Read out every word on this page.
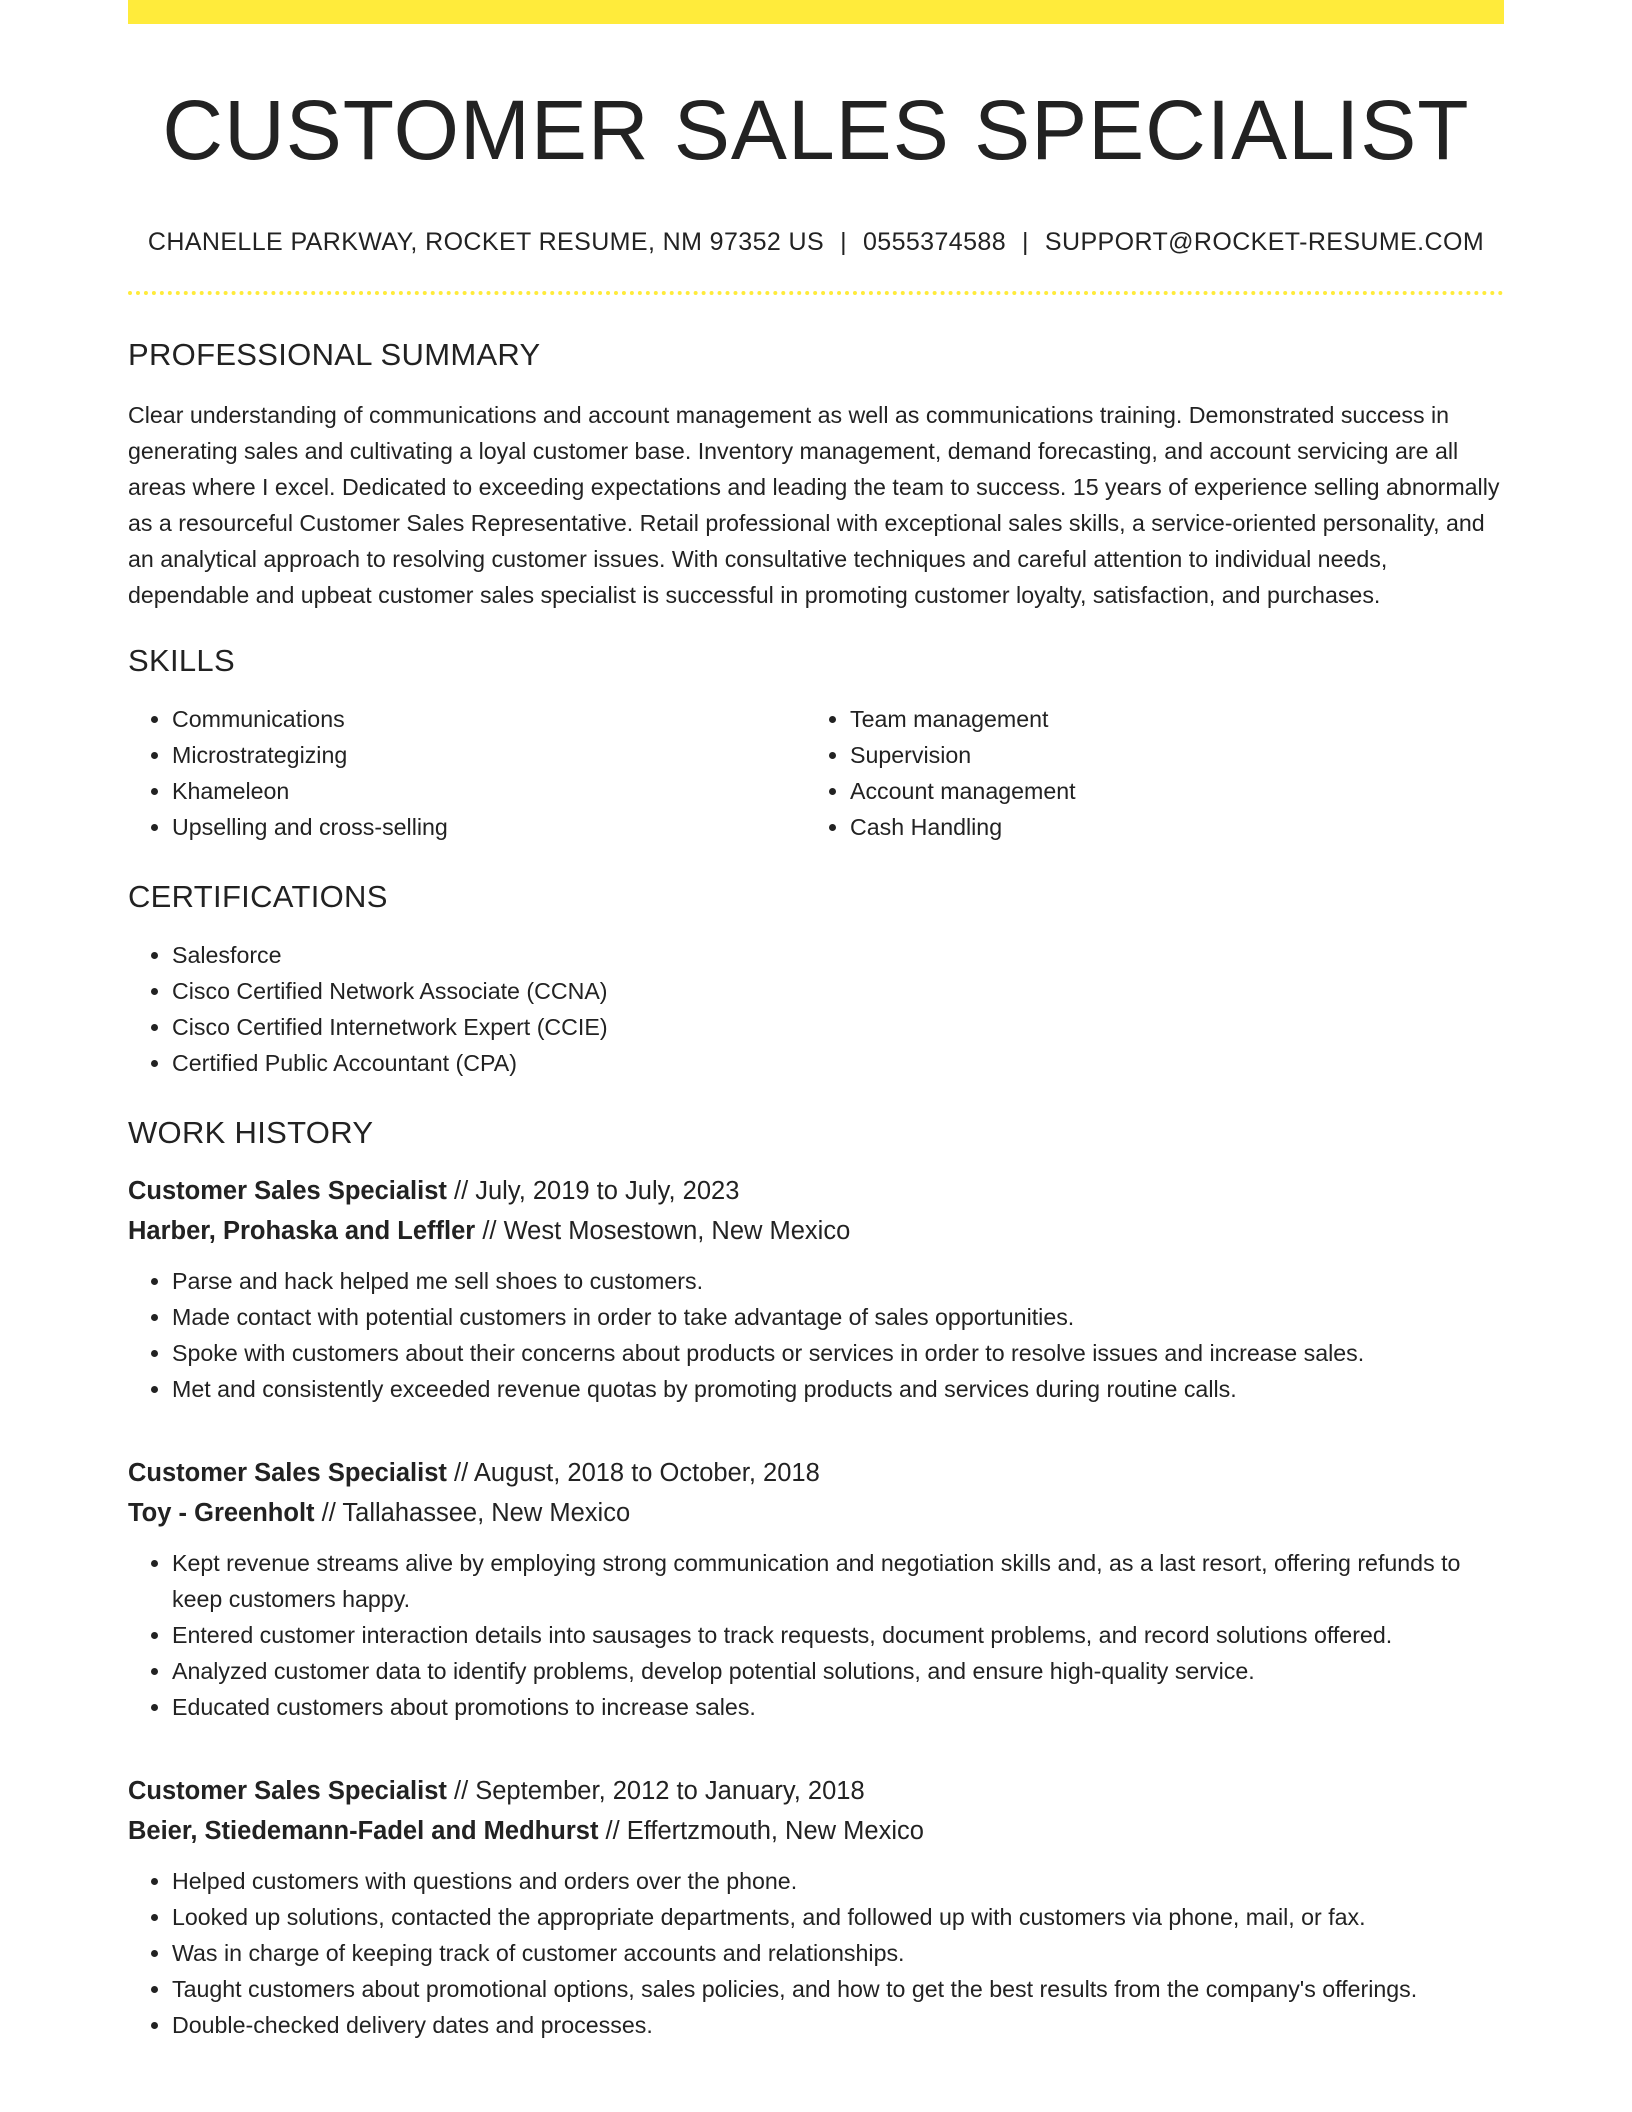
CUSTOMER SALES SPECIALIST
CHANELLE PARKWAY, ROCKET RESUME, NM 97352 US | 0555374588 | SUPPORT@ROCKET-RESUME.COM
PROFESSIONAL SUMMARY

Clear understanding of communications and account management as well as communications training. Demonstrated success in generating sales and cultivating a loyal customer base. Inventory management, demand forecasting, and account servicing are all areas where I excel. Dedicated to exceeding expectations and leading the team to success. 15 years of experience selling abnormally as a resourceful Customer Sales Representative. Retail professional with exceptional sales skills, a service-oriented personality, and an analytical approach to resolving customer issues. With consultative techniques and careful attention to individual needs, dependable and upbeat customer sales specialist is successful in promoting customer loyalty, satisfaction, and purchases.

SKILLS
• Communications
• Microstrategizing
• Khameleon
• Upselling and cross-selling
• Team management
• Supervision
• Account management
• Cash Handling
CERTIFICATIONS
• Salesforce
• Cisco Certified Network Associate (CCNA)
• Cisco Certified Internetwork Expert (CCIE)
• Certified Public Accountant (CPA)
WORK HISTORY
Customer Sales Specialist // July, 2019 to July, 2023
Harber, Prohaska and Leffler // West Mosestown, New Mexico
• Parse and hack helped me sell shoes to customers.
• Made contact with potential customers in order to take advantage of sales opportunities.
• Spoke with customers about their concerns about products or services in order to resolve issues and increase sales.
• Met and consistently exceeded revenue quotas by promoting products and services during routine calls.
Customer Sales Specialist // August, 2018 to October, 2018
Toy - Greenholt // Tallahassee, New Mexico
• Kept revenue streams alive by employing strong communication and negotiation skills and, as a last resort, offering refunds to keep customers happy.
• Entered customer interaction details into sausages to track requests, document problems, and record solutions offered.
• Analyzed customer data to identify problems, develop potential solutions, and ensure high-quality service.
• Educated customers about promotions to increase sales.
Customer Sales Specialist // September, 2012 to January, 2018
Beier, Stiedemann-Fadel and Medhurst // Effertzmouth, New Mexico
• Helped customers with questions and orders over the phone.
• Looked up solutions, contacted the appropriate departments, and followed up with customers via phone, mail, or fax.
• Was in charge of keeping track of customer accounts and relationships.
• Taught customers about promotional options, sales policies, and how to get the best results from the company's offerings.
• Double-checked delivery dates and processes.
